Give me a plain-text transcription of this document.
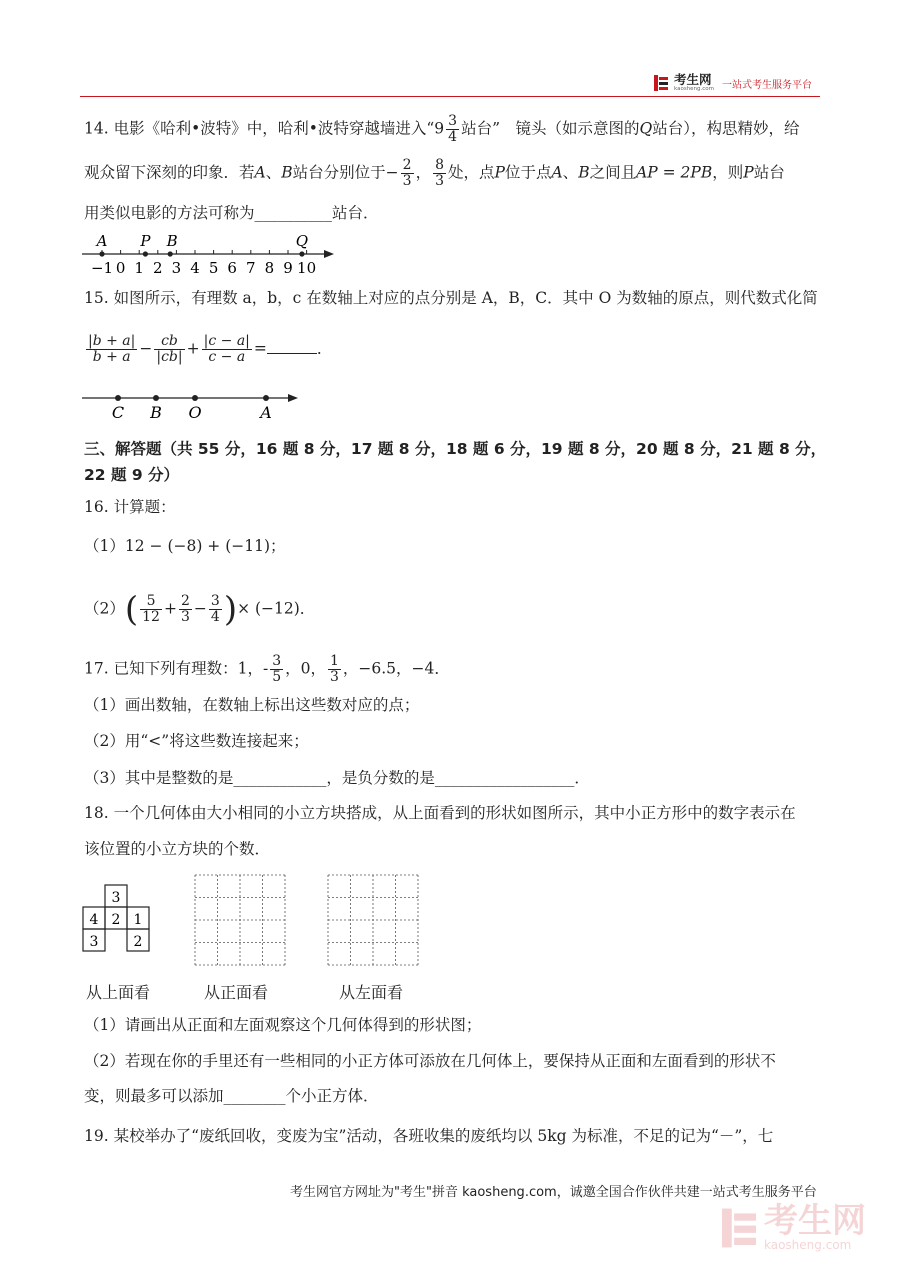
考生网
kaosheng.com 一站式考生服务平台
14. 电影《哈利•波特》中，哈利•波特穿越墙进入“$9 \frac{3}{4}$ 站台”　镜头（如示意图的Q站台），构思精妙，给
观众留下深刻的印象．若A、B站台分别位于− $\frac{2}{3}$ ， $\frac{8}{3}$ 处，点P位于点A、B之间且AP = 2PB，则P站台
用类似电影的方法可称为__________站台．
−1 0 1 2 3 4 5 6 7 8 9 10
A P B	Q
15. 如图所示，有理数 a，b，c 在数轴上对应的点分别是 A，B，C．其中 O 为数轴的原点，则代数式化简
$\frac{|b + a|}{b + a} - \frac{cb}{|cb|} + \frac{|c - a|}{c - a}$ =	．
C B O	A
三、解答题（共 55 分，16 题 8 分，17 题 8 分，18 题 6 分，19 题 8 分，20 题 8 分，21 题 8 分，
22 题 9 分）
16. 计算题：
（1）12 − (−8) + (−11)；
$(2)( \frac{5}{12} + \frac{2}{3} - \frac{3}{4}$ )× (−12)．
17. 已知下列有理数：1，- $\frac{3}{5}$ ，0， $\frac{1}{3}$ ，−6.5，−4．
（1）画出数轴，在数轴上标出这些数对应的点；
（2）用“<”将这些数连接起来；
（3）其中是整数的是____________，是负分数的是__________________．
18. 一个几何体由大小相同的小立方块搭成，从上面看到的形状如图所示，其中小正方形中的数字表示在
该位置的小立方块的个数．
3
4 2 1
3	2
从上面看	从正面看	从左面看
（1）请画出从正面和左面观察这个几何体得到的形状图；
（2）若现在你的手里还有一些相同的小正方体可添放在几何体上，要保持从正面和左面看到的形状不
变，则最多可以添加________个小正方体．
19. 某校举办了“废纸回收，变废为宝”活动，各班收集的废纸均以 5kg 为标准，不足的记为“－”，七
考生网官方网址为"考生"拼音 kaosheng.com，诚邀全国合作伙伴共建一站式考生服务平台
考生网
kaosheng.com
